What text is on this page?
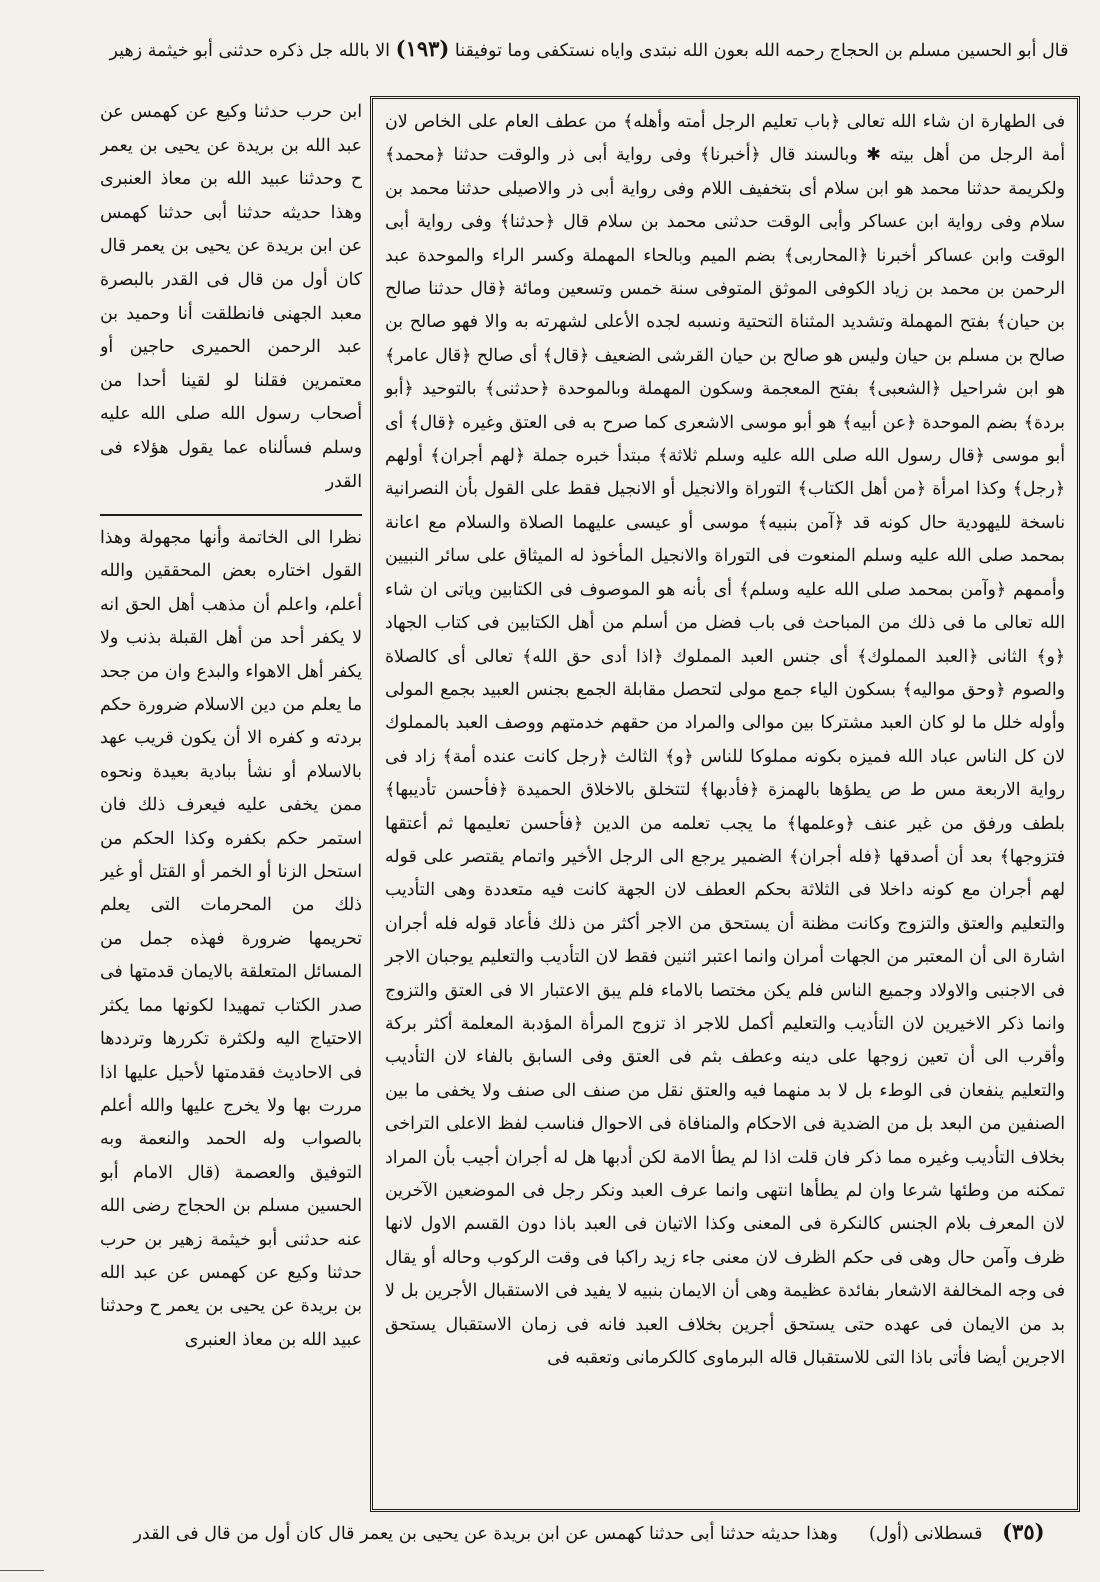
قال أبو الحسين مسلم بن الحجاج رحمه الله بعون الله نبتدى واياه نستكفى وما توفيقنا (١٩٣) الا بالله جل ذكره حدثنى أبو خيثمة زهير
فى الطهارة ان شاء الله تعالى ﴿باب تعليم الرجل أمته وأهله﴾ من عطف العام على الخاص لان أمة الرجل من أهل بيته ✱ وبالسند قال ﴿أخبرنا﴾ وفى رواية أبى ذر والوقت حدثنا ﴿محمد﴾ ولكريمة حدثنا محمد هو ابن سلام أى بتخفيف اللام وفى رواية أبى ذر والاصيلى حدثنا محمد بن سلام وفى رواية ابن عساكر وأبى الوقت حدثنى محمد بن سلام قال ﴿حدثنا﴾ وفى رواية أبى الوقت وابن عساكر أخبرنا ﴿المحاربى﴾ بضم الميم وبالحاء المهملة وكسر الراء والموحدة عبد الرحمن بن محمد بن زياد الكوفى الموثق المتوفى سنة خمس وتسعين ومائة ﴿قال حدثنا صالح بن حيان﴾ بفتح المهملة وتشديد المثناة التحتية ونسبه لجده الأعلى لشهرته به والا فهو صالح بن صالح بن مسلم بن حيان وليس هو صالح بن حيان القرشى الضعيف ﴿قال﴾ أى صالح ﴿قال عامر﴾ هو ابن شراحيل ﴿الشعبى﴾ بفتح المعجمة وسكون المهملة وبالموحدة ﴿حدثنى﴾ بالتوحيد ﴿أبو بردة﴾ بضم الموحدة ﴿عن أبيه﴾ هو أبو موسى الاشعرى كما صرح به فى العتق وغيره ﴿قال﴾ أى أبو موسى ﴿قال رسول الله صلى الله عليه وسلم ثلاثة﴾ مبتدأ خبره جملة ﴿لهم أجران﴾ أولهم ﴿رجل﴾ وكذا امرأة ﴿من أهل الكتاب﴾ التوراة والانجيل أو الانجيل فقط على القول بأن النصرانية ناسخة لليهودية حال كونه قد ﴿آمن بنبيه﴾ موسى أو عيسى عليهما الصلاة والسلام مع اعانة بمحمد صلى الله عليه وسلم المنعوت فى التوراة والانجيل المأخوذ له الميثاق على سائر النبيين وأممهم ﴿وآمن بمحمد صلى الله عليه وسلم﴾ أى بأنه هو الموصوف فى الكتابين وياتى ان شاء الله تعالى ما فى ذلك من المباحث فى باب فضل من أسلم من أهل الكتابين فى كتاب الجهاد ﴿و﴾ الثانى ﴿العبد المملوك﴾ أى جنس العبد المملوك ﴿اذا أدى حق الله﴾ تعالى أى كالصلاة والصوم ﴿وحق مواليه﴾ بسكون الياء جمع مولى لتحصل مقابلة الجمع بجنس العبيد بجمع المولى وأوله خلل ما لو كان العبد مشتركا بين موالى والمراد من حقهم خدمتهم ووصف العبد بالمملوك لان كل الناس عباد الله فميزه بكونه مملوكا للناس ﴿و﴾ الثالث ﴿رجل كانت عنده أمة﴾ زاد فى رواية الاربعة مس ط ص يطؤها بالهمزة ﴿فأدبها﴾ لتتخلق بالاخلاق الحميدة ﴿فأحسن تأديبها﴾ بلطف ورفق من غير عنف ﴿وعلمها﴾ ما يجب تعلمه من الدين ﴿فأحسن تعليمها ثم أعتقها فتزوجها﴾ بعد أن أصدقها ﴿فله أجران﴾ الضمير يرجع الى الرجل الأخير واتمام يقتصر على قوله لهم أجران مع كونه داخلا فى الثلاثة بحكم العطف لان الجهة كانت فيه متعددة وهى التأديب والتعليم والعتق والتزوج وكانت مظنة أن يستحق من الاجر أكثر من ذلك فأعاد قوله فله أجران اشارة الى أن المعتبر من الجهات أمران وانما اعتبر اثنين فقط لان التأديب والتعليم يوجبان الاجر فى الاجنبى والاولاد وجميع الناس فلم يكن مختصا بالاماء فلم يبق الاعتبار الا فى العتق والتزوج وانما ذكر الاخيرين لان التأديب والتعليم أكمل للاجر اذ تزوج المرأة المؤدبة المعلمة أكثر بركة وأقرب الى أن تعين زوجها على دينه وعطف بثم فى العتق وفى السابق بالفاء لان التأديب والتعليم ينفعان فى الوطء بل لا بد منهما فيه والعتق نقل من صنف الى صنف ولا يخفى ما بين الصنفين من البعد بل من الضدية فى الاحكام والمنافاة فى الاحوال فناسب لفظ الاعلى التراخى بخلاف التأديب وغيره مما ذكر فان قلت اذا لم يطأ الامة لكن أدبها هل له أجران أجيب بأن المراد تمكنه من وطئها شرعا وان لم يطأها انتهى وانما عرف العبد ونكر رجل فى الموضعين الآخرين لان المعرف بلام الجنس كالنكرة فى المعنى وكذا الاتيان فى العبد باذا دون القسم الاول لانها ظرف وآمن حال وهى فى حكم الظرف لان معنى جاء زيد راكبا فى وقت الركوب وحاله أو يقال فى وجه المخالفة الاشعار بفائدة عظيمة وهى أن الايمان بنبيه لا يفيد فى الاستقبال الأجرين بل لا بد من الايمان فى عهده حتى يستحق أجرين بخلاف العبد فانه فى زمان الاستقبال يستحق الاجرين أيضا فأتى باذا التى للاستقبال قاله البرماوى كالكرمانى وتعقبه فى
ابن حرب حدثنا وكيع عن كهمس عن عبد الله بن بريدة عن يحيى بن يعمر ح وحدثنا عبيد الله بن معاذ العنبرى وهذا حديثه حدثنا أبى حدثنا كهمس عن ابن بريدة عن يحيى بن يعمر قال كان أول من قال فى القدر بالبصرة معبد الجهنى فانطلقت أنا وحميد بن عبد الرحمن الحميرى حاجين أو معتمرين فقلنا لو لقينا أحدا من أصحاب رسول الله صلى الله عليه وسلم فسألناه عما يقول هؤلاء فى القدر
نظرا الى الخاتمة وأنها مجهولة وهذا القول اختاره بعض المحققين والله أعلم، واعلم أن مذهب أهل الحق انه لا يكفر أحد من أهل القبلة بذنب ولا يكفر أهل الاهواء والبدع وان من جحد ما يعلم من دين الاسلام ضرورة حكم بردته و كفره الا أن يكون قريب عهد بالاسلام أو نشأ ببادية بعيدة ونحوه ممن يخفى عليه فيعرف ذلك فان استمر حكم بكفره وكذا الحكم من استحل الزنا أو الخمر أو القتل أو غير ذلك من المحرمات التى يعلم تحريمها ضرورة فهذه جمل من المسائل المتعلقة بالايمان قدمتها فى صدر الكتاب تمهيدا لكونها مما يكثر الاحتياج اليه ولكثرة تكررها وترددها فى الاحاديث فقدمتها لأحيل عليها اذا مررت بها ولا يخرج عليها والله أعلم بالصواب وله الحمد والنعمة وبه التوفيق والعصمة (قال الامام أبو الحسين مسلم بن الحجاج رضى الله عنه حدثنى أبو خيثمة زهير بن حرب حدثنا وكيع عن كهمس عن عبد الله بن بريدة عن يحيى بن يعمر ح وحدثنا عبيد الله بن معاذ العنبرى
(٣٥) قسطلانى (أول)  وهذا حديثه حدثنا أبى حدثنا كهمس عن ابن بريدة عن يحيى بن يعمر قال كان أول من قال فى القدر
